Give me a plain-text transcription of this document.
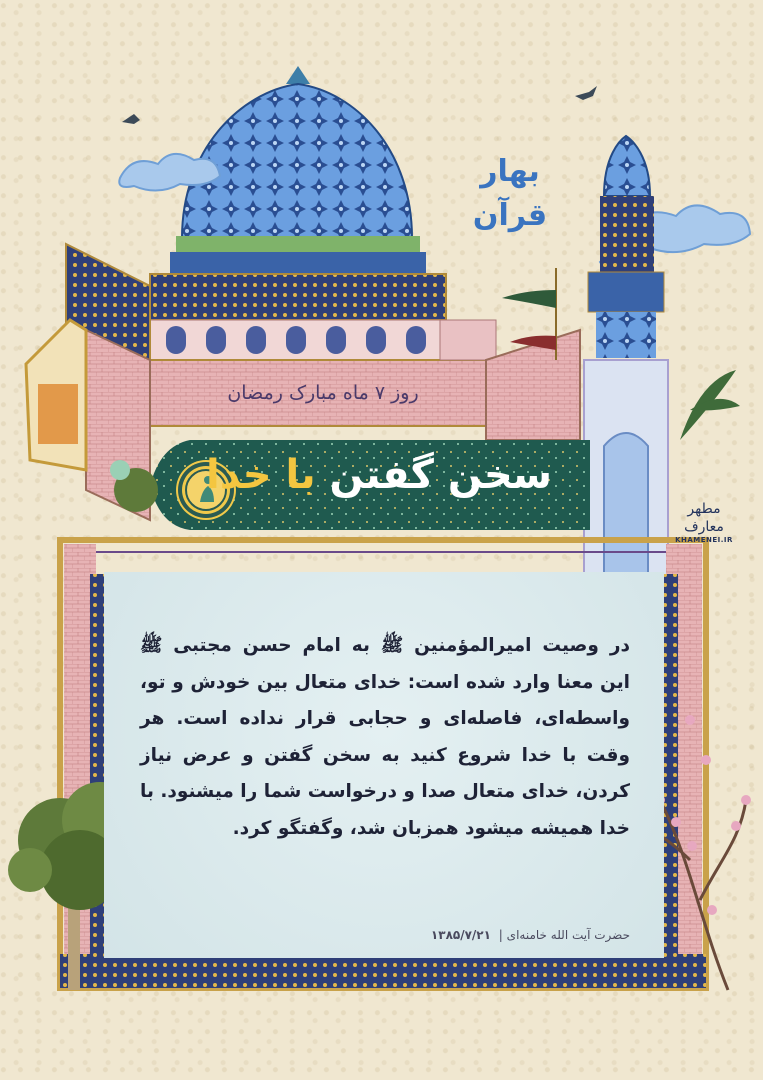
بهار قرآن
روز ۷ ماه مبارک رمضان
سخن گفتن با خدا
مطهر معارف
KHAMENEI.IR
در وصیت امیرالمؤمنین ﷺ به امام حسن مجتبی ﷺ این معنا وارد شده است: خدای متعال بین خودش و تو، واسطه‌ای، فاصله‌ای و حجابی قرار نداده است. هر وقت با خدا شروع کنید به سخن گفتن و عرض نیاز کردن، خدای متعال صدا و درخواست شما را میشنود. با خدا همیشه میشود همزبان شد، وگفتگو کرد.
حضرت آیت الله خامنه‌ای | ۱۳۸۵/۷/۲۱
